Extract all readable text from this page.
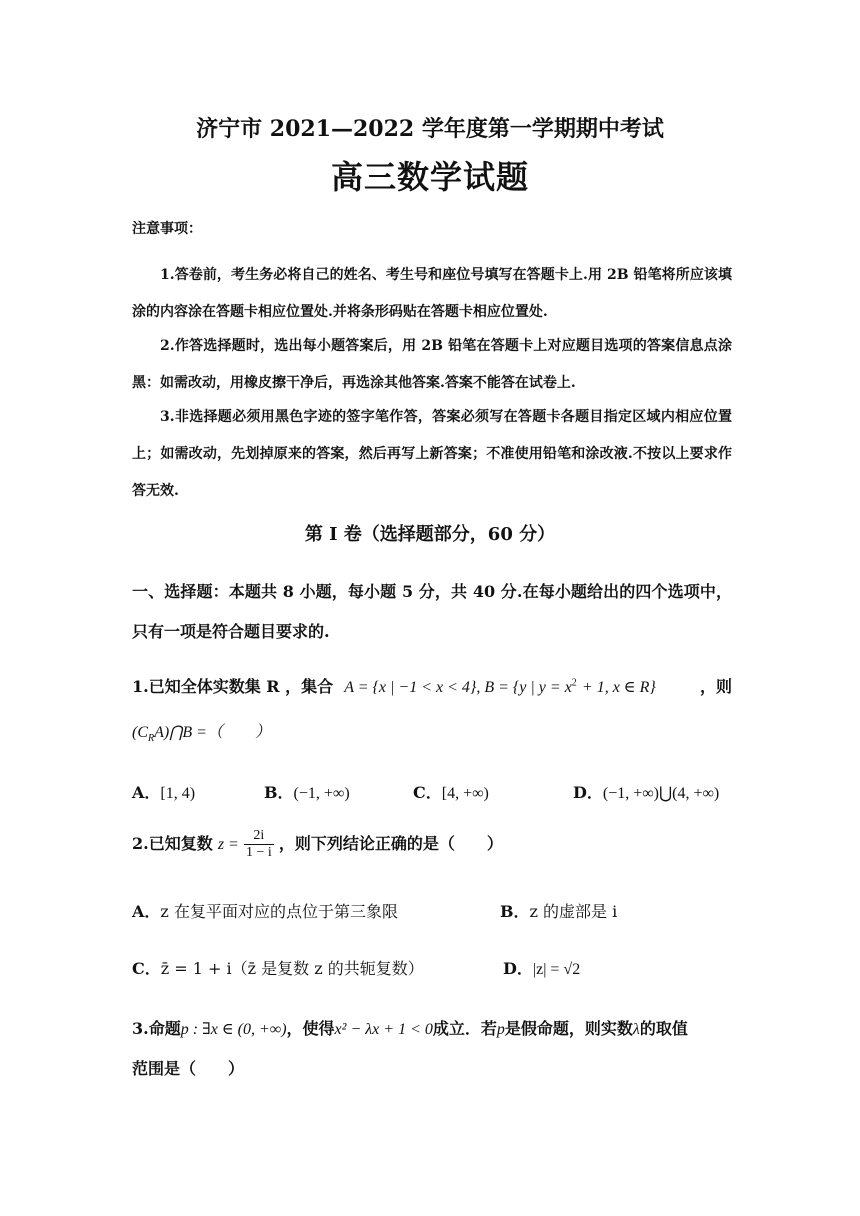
济宁市 2021—2022 学年度第一学期期中考试
高三数学试题
注意事项：
1.答卷前，考生务必将自己的姓名、考生号和座位号填写在答题卡上.用 2B 铅笔将所应该填涂的内容涂在答题卡相应位置处.并将条形码贴在答题卡相应位置处.
2.作答选择题时，选出每小题答案后，用 2B 铅笔在答题卡上对应题目选项的答案信息点涂黑：如需改动，用橡皮擦干净后，再选涂其他答案.答案不能答在试卷上.
3.非选择题必须用黑色字迹的签字笔作答，答案必须写在答题卡各题目指定区域内相应位置上；如需改动，先划掉原来的答案，然后再写上新答案；不准使用铅笔和涂改液.不按以上要求作答无效.
第 I 卷（选择题部分，60 分）
一、选择题：本题共 8 小题，每小题 5 分，共 40 分.在每小题给出的四个选项中，只有一项是符合题目要求的.
1.已知全体实数集 R ，集合 A = {x | −1 < x < 4}, B = {y | $y = x^2 + 1$, x ∈ R}	，则
$(C_RA)⋂B$ =（　　）
A．[1, 4)	B．(−1, +∞)	C．[4, +∞)	D．(−1, +∞)⋃(4, +∞)
2.已知复数 $z = \frac{2i}{1 - i}$ ，则下列结论正确的是（　　）
A．z 在复平面对应的点位于第三象限	B．z 的虚部是 i
C．z̄ = 1 + i（z̄ 是复数 z 的共轭复数）	D．|z| = √2
3.命题p : ∃x ∈ (0, +∞)，使得x² − λx + 1 < 0成立．若p是假命题，则实数λ的取值
范围是（　　）
